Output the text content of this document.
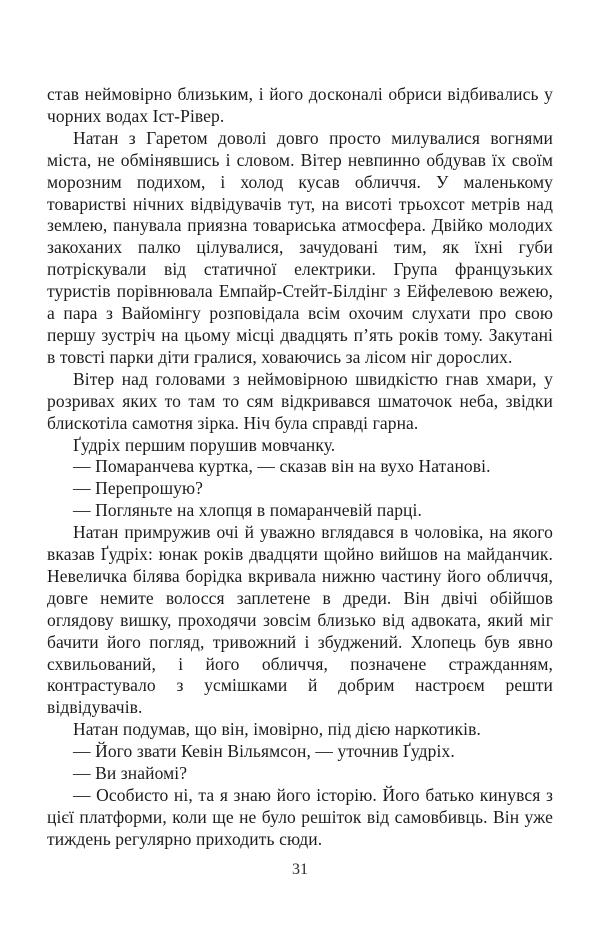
став неймовірно близьким, і його досконалі обриси відбивались у чорних водах Іст-Рівер.

Натан з Гаретом доволі довго просто милувалися вогнями міста, не обмінявшись і словом. Вітер невпинно обдував їх своїм морозним подихом, і холод кусав обличчя. У маленькому товаристві нічних відвідувачів тут, на висоті трьохсот метрів над землею, панувала приязна товариська атмосфера. Двійко молодих закоханих палко цілувалися, зачудовані тим, як їхні губи потріскували від статичної електрики. Група французьких туристів порівнювала Емпайр-Стейт-Білдінг з Ейфелевою вежею, а пара з Вайомінгу розповідала всім охочим слухати про свою першу зустріч на цьому місці двадцять п’ять років тому. Закутані в товсті парки діти гралися, ховаючись за лісом ніг дорослих.

Вітер над головами з неймовірною швидкістю гнав хмари, у розривах яких то там то сям відкривався шматочок неба, звідки блискотіла самотня зірка. Ніч була справді гарна.

Ґудріх першим порушив мовчанку.

— Помаранчева куртка, — сказав він на вухо Натанові.

— Перепрошую?

— Погляньте на хлопця в помаранчевій парці.

Натан примружив очі й уважно вглядався в чоловіка, на якого вказав Ґудріх: юнак років двадцяти щойно вийшов на майданчик. Невеличка білява борідка вкривала нижню частину його обличчя, довге немите волосся заплетене в дреди. Він двічі обійшов оглядову вишку, проходячи зовсім близько від адвоката, який міг бачити його погляд, тривожний і збуджений. Хлопець був явно схвильований, і його обличчя, позначене стражданням, контрастувало з усмішками й добрим настроєм решти відвідувачів.

Натан подумав, що він, імовірно, під дією наркотиків.

— Його звати Кевін Вільямсон, — уточнив Ґудріх.

— Ви знайомі?

— Особисто ні, та я знаю його історію. Його батько кинувся з цієї платформи, коли ще не було решіток від самовбивць. Він уже тиждень регулярно приходить сюди.

31
